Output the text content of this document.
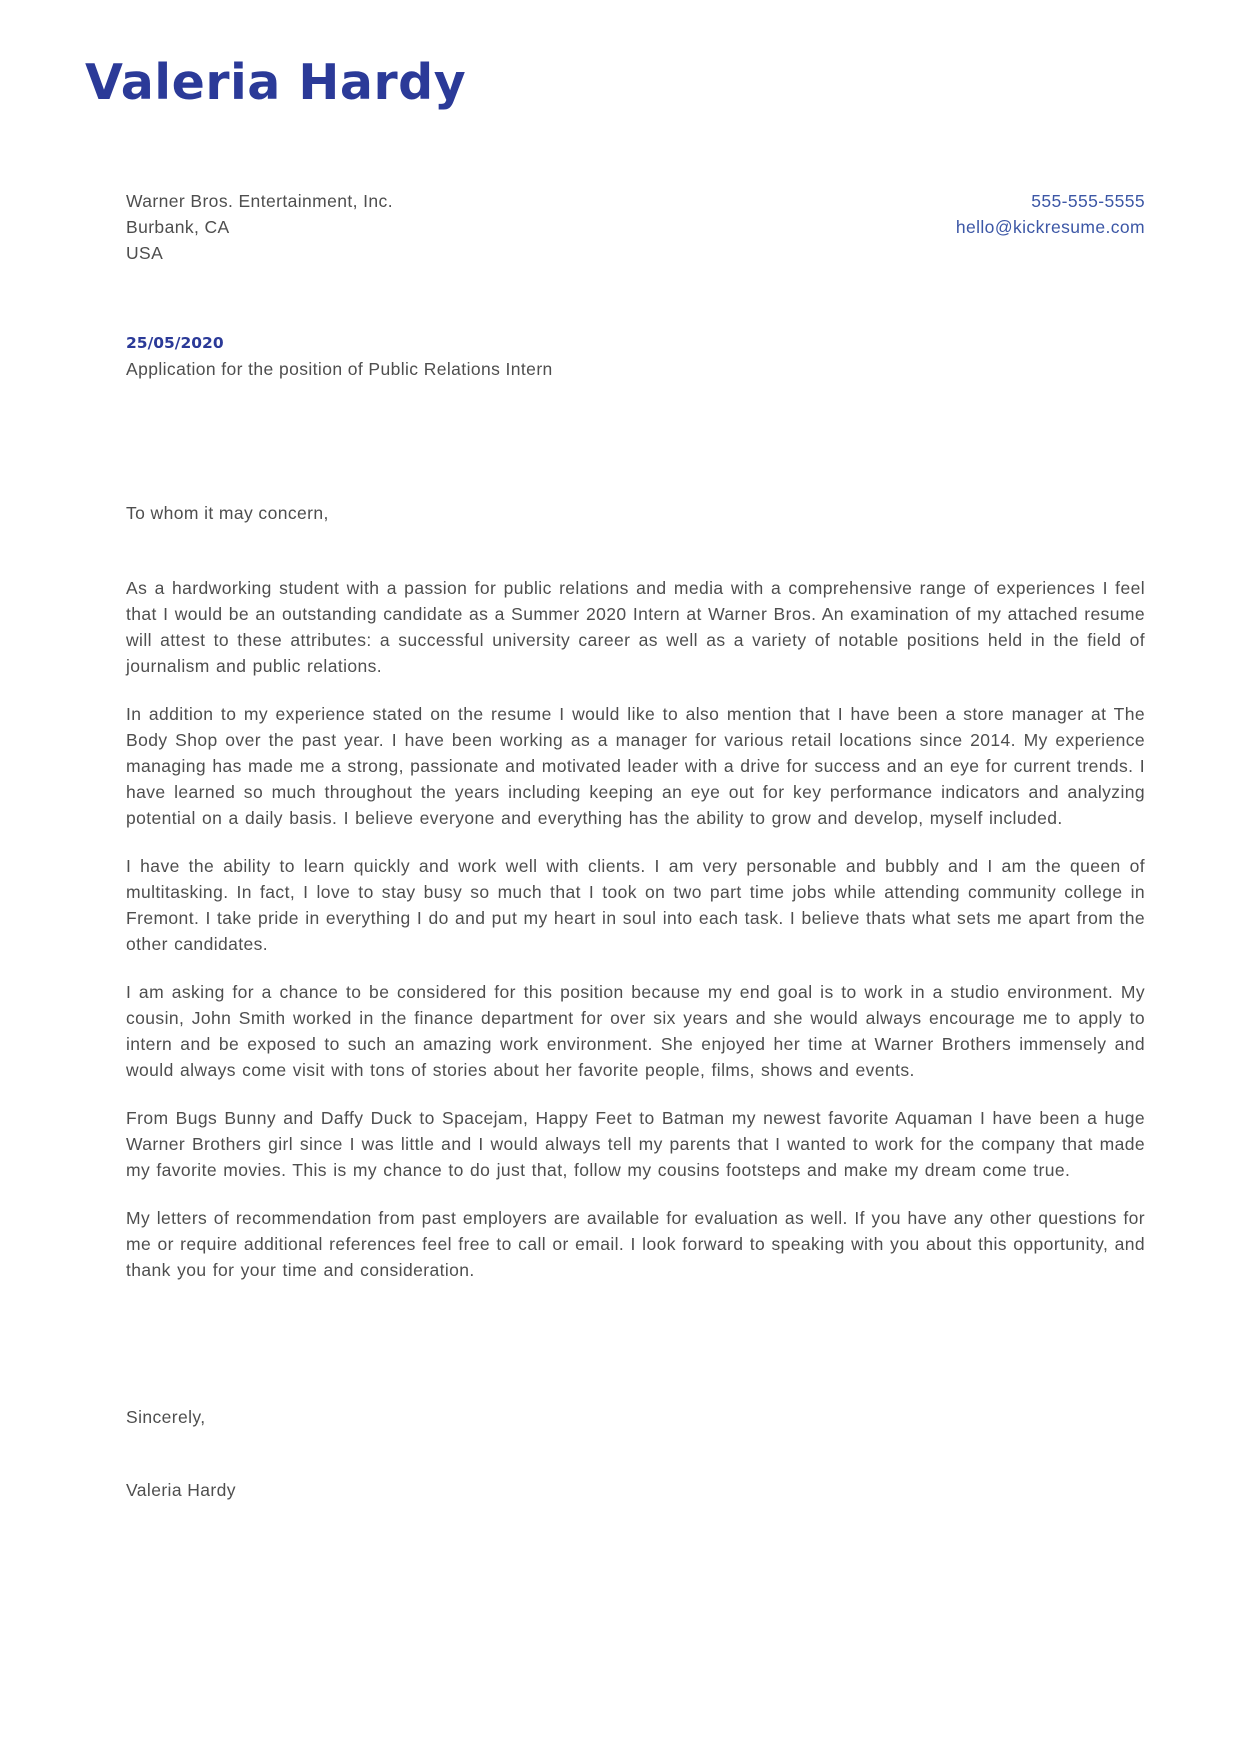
Valeria Hardy
Warner Bros. Entertainment, Inc.
Burbank, CA
USA
555-555-5555
hello@kickresume.com
25/05/2020
Application for the position of Public Relations Intern
To whom it may concern,

As a hardworking student with a passion for public relations and media with a comprehensive range of experiences I feel that I would be an outstanding candidate as a Summer 2020 Intern at Warner Bros. An examination of my attached resume will attest to these attributes: a successful university career as well as a variety of notable positions held in the field of journalism and public relations.

In addition to my experience stated on the resume I would like to also mention that I have been a store manager at The Body Shop over the past year. I have been working as a manager for various retail locations since 2014. My experience managing has made me a strong, passionate and motivated leader with a drive for success and an eye for current trends. I have learned so much throughout the years including keeping an eye out for key performance indicators and analyzing potential on a daily basis. I believe everyone and everything has the ability to grow and develop, myself included.

I have the ability to learn quickly and work well with clients. I am very personable and bubbly and I am the queen of multitasking. In fact, I love to stay busy so much that I took on two part time jobs while attending community college in Fremont. I take pride in everything I do and put my heart in soul into each task. I believe thats what sets me apart from the other candidates.

I am asking for a chance to be considered for this position because my end goal is to work in a studio environment. My cousin, John Smith worked in the finance department for over six years and she would always encourage me to apply to intern and be exposed to such an amazing work environment. She enjoyed her time at Warner Brothers immensely and would always come visit with tons of stories about her favorite people, films, shows and events.

From Bugs Bunny and Daffy Duck to Spacejam, Happy Feet to Batman my newest favorite Aquaman I have been a huge Warner Brothers girl since I was little and I would always tell my parents that I wanted to work for the company that made my favorite movies. This is my chance to do just that, follow my cousins footsteps and make my dream come true.

My letters of recommendation from past employers are available for evaluation as well. If you have any other questions for me or require additional references feel free to call or email. I look forward to speaking with you about this opportunity, and thank you for your time and consideration.

Sincerely,
Valeria Hardy
